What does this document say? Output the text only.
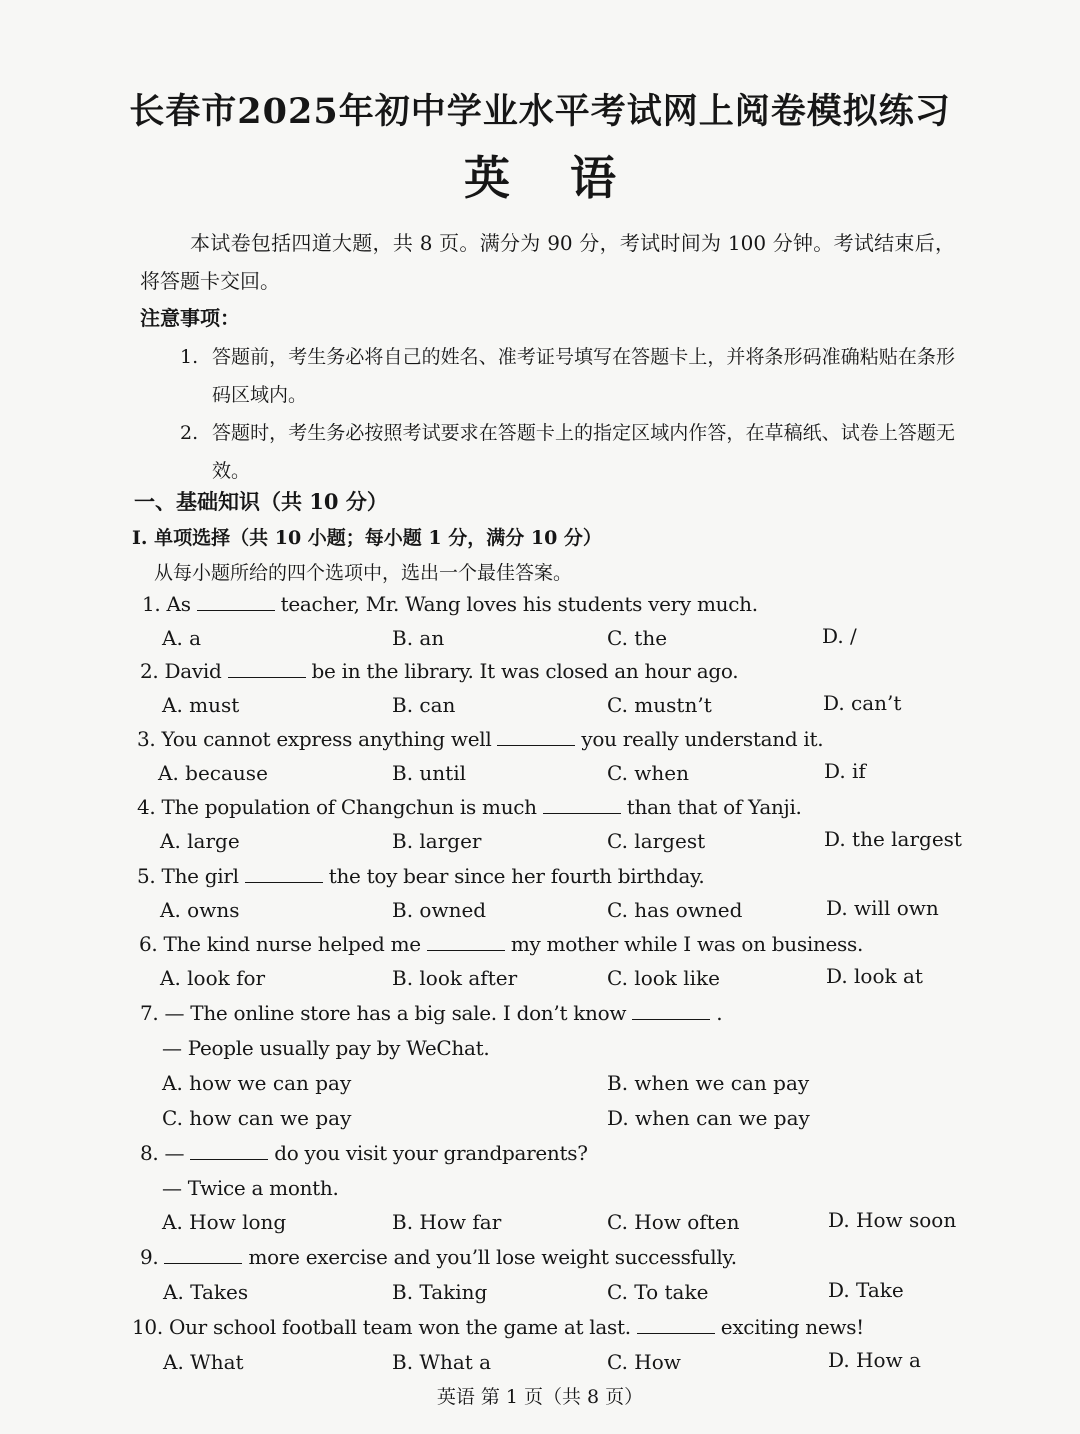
长春市2025年初中学业水平考试网上阅卷模拟练习
英 语
本试卷包括四道大题，共 8 页。满分为 90 分，考试时间为 100 分钟。考试结束后，将答题卡交回。
注意事项：
1. 答题前，考生务必将自己的姓名、准考证号填写在答题卡上，并将条形码准确粘贴在条形码区域内。
2. 答题时，考生务必按照考试要求在答题卡上的指定区域内作答，在草稿纸、试卷上答题无效。
一、基础知识（共 10 分）
I. 单项选择（共 10 小题；每小题 1 分，满分 10 分）
从每小题所给的四个选项中，选出一个最佳答案。
1. As	teacher, Mr. Wang loves his students very much.
A. a	B. an	C. the	D. /
2. David	be in the library. It was closed an hour ago.
A. must	B. can	C. mustn’t	D. can’t
3. You cannot express anything well	you really understand it.
A. because	B. until	C. when	D. if
4. The population of Changchun is much	than that of Yanji.
A. large	B. larger	C. largest	D. the largest
5. The girl	the toy bear since her fourth birthday.
A. owns	B. owned	C. has owned	D. will own
6. The kind nurse helped me	my mother while I was on business.
A. look for	B. look after	C. look like	D. look at
7. — The online store has a big sale. I don’t know	.
— People usually pay by WeChat.
A. how we can pay	B. when we can pay
C. how can we pay	D. when can we pay
8. —	do you visit your grandparents?
— Twice a month.
A. How long	B. How far	C. How often	D. How soon
9.	more exercise and you’ll lose weight successfully.
A. Takes	B. Taking	C. To take	D. Take
10. Our school football team won the game at last.	exciting news!
A. What	B. What a	C. How	D. How a
英语 第 1 页（共 8 页）
